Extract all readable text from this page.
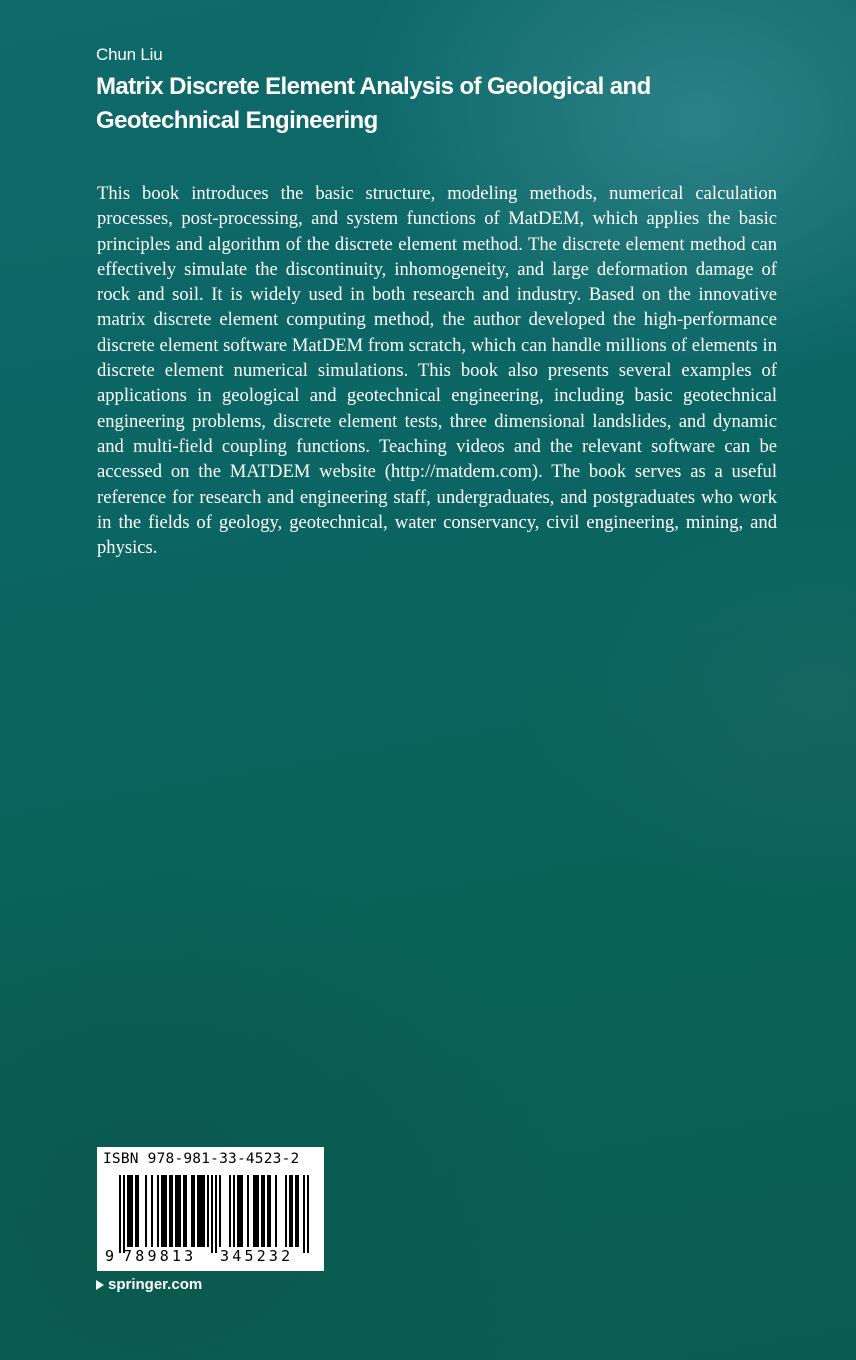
Chun Liu
Matrix Discrete Element Analysis of Geological and Geotechnical Engineering

This book introduces the basic structure, modeling methods, numerical calculation processes, post-processing, and system functions of MatDEM, which applies the basic principles and algorithm of the discrete element method. The discrete element method can effectively simulate the discontinuity, inhomogeneity, and large deformation damage of rock and soil. It is widely used in both research and industry. Based on the innovative matrix discrete element computing method, the author developed the high-performance discrete element software MatDEM from scratch, which can handle millions of elements in discrete element numerical simulations. This book also presents several examples of applications in geological and geotechnical engineering, including basic geotechnical engineering problems, discrete element tests, three dimensional landslides, and dynamic and multi-field coupling functions. Teaching videos and the relevant software can be accessed on the MATDEM website (http://matdem.com). The book serves as a useful reference for research and engineering staff, undergraduates, and postgraduates who work in the fields of geology, geotechnical, water conservancy, civil engineering, mining, and physics.

ISBN 978-981-33-4523-2
9 789813 345232
springer.com
